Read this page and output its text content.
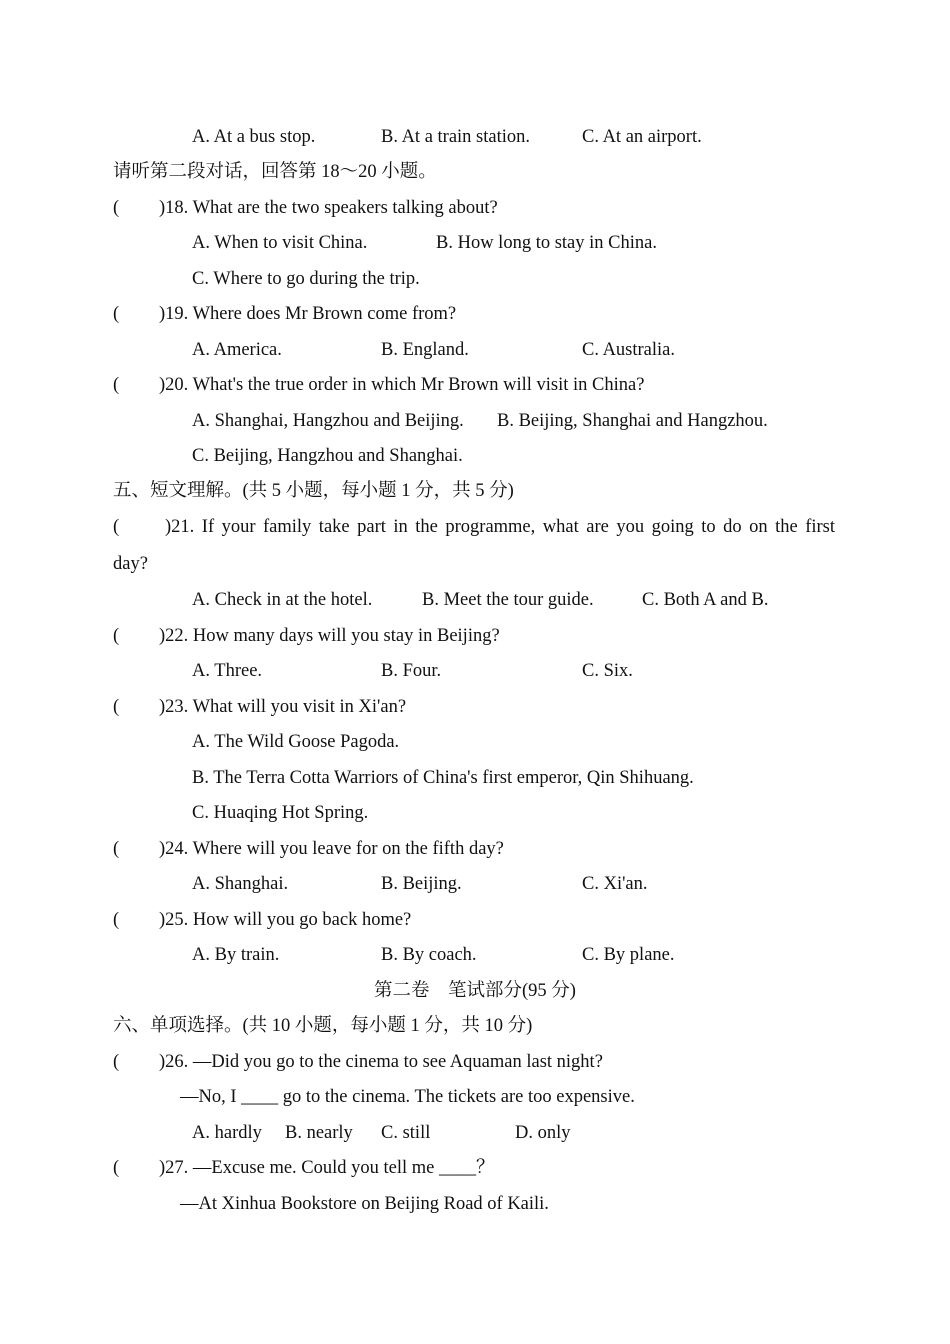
A. At a bus stop.	B. At a train station.	C. At an airport.
请听第二段对话，回答第 18～20 小题。
( )18. What are the two speakers talking about?
A. When to visit China.	B. How long to stay in China.
C. Where to go during the trip.
( )19. Where does Mr Brown come from?
A. America.	B. England.	C. Australia.
( )20. What's the true order in which Mr Brown will visit in China?
A. Shanghai, Hangzhou and Beijing. B. Beijing, Shanghai and Hangzhou.
C. Beijing, Hangzhou and Shanghai.
五、短文理解。(共 5 小题，每小题 1 分，共 5 分)
( )21. If your family take part in the programme, what are you going to do on the first
day?
A. Check in at the hotel.	B. Meet the tour guide.	C. Both A and B.
( )22. How many days will you stay in Beijing?
A. Three.	B. Four.	C. Six.
( )23. What will you visit in Xi'an?
A. The Wild Goose Pagoda.
B. The Terra Cotta Warriors of China's first emperor, Qin Shihuang.
C. Huaqing Hot Spring.
( )24. Where will you leave for on the fifth day?
A. Shanghai.	B. Beijing.	C. Xi'an.
( )25. How will you go back home?
A. By train.	B. By coach.	C. By plane.
第二卷　笔试部分(95 分)
六、单项选择。(共 10 小题，每小题 1 分，共 10 分)
( )26. —Did you go to the cinema to see Aquaman last night?
—No, I ____ go to the cinema. The tickets are too expensive.
A. hardly B. nearly C. still	D. only
( )27. —Excuse me. Could you tell me ____？
—At Xinhua Bookstore on Beijing Road of Kaili.
